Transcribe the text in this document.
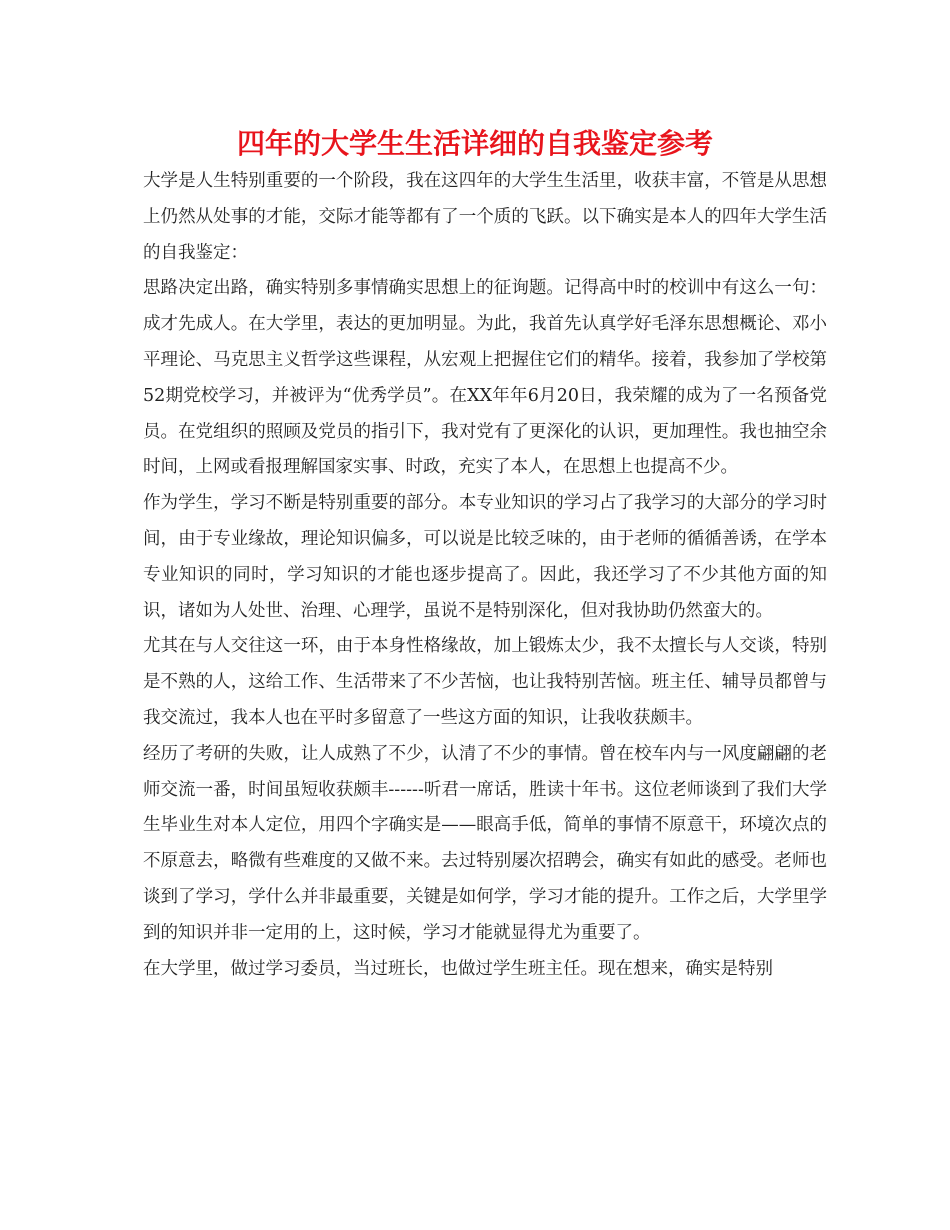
四年的大学生生活详细的自我鉴定参考

大学是人生特别重要的一个阶段，我在这四年的大学生生活里，收获丰富，不管是从思想上仍然从处事的才能，交际才能等都有了一个质的飞跃。以下确实是本人的四年大学生活的自我鉴定：

思路决定出路，确实特别多事情确实思想上的征询题。记得高中时的校训中有这么一句：成才先成人。在大学里，表达的更加明显。为此，我首先认真学好毛泽东思想概论、邓小平理论、马克思主义哲学这些课程，从宏观上把握住它们的精华。接着，我参加了学校第52期党校学习，并被评为“优秀学员”。在XX年年6月20日，我荣耀的成为了一名预备党员。在党组织的照顾及党员的指引下，我对党有了更深化的认识，更加理性。我也抽空余时间，上网或看报理解国家实事、时政，充实了本人，在思想上也提高不少。

作为学生，学习不断是特别重要的部分。本专业知识的学习占了我学习的大部分的学习时间，由于专业缘故，理论知识偏多，可以说是比较乏味的，由于老师的循循善诱，在学本专业知识的同时，学习知识的才能也逐步提高了。因此，我还学习了不少其他方面的知识，诸如为人处世、治理、心理学，虽说不是特别深化，但对我协助仍然蛮大的。

尤其在与人交往这一环，由于本身性格缘故，加上锻炼太少，我不太擅长与人交谈，特别是不熟的人，这给工作、生活带来了不少苦恼，也让我特别苦恼。班主任、辅导员都曾与我交流过，我本人也在平时多留意了一些这方面的知识，让我收获颇丰。

经历了考研的失败，让人成熟了不少，认清了不少的事情。曾在校车内与一风度翩翩的老师交流一番，时间虽短收获颇丰------听君一席话，胜读十年书。这位老师谈到了我们大学生毕业生对本人定位，用四个字确实是——眼高手低，简单的事情不原意干，环境次点的不原意去，略微有些难度的又做不来。去过特别屡次招聘会，确实有如此的感受。老师也谈到了学习，学什么并非最重要，关键是如何学，学习才能的提升。工作之后，大学里学到的知识并非一定用的上，这时候，学习才能就显得尤为重要了。

在大学里，做过学习委员，当过班长，也做过学生班主任。现在想来，确实是特别
